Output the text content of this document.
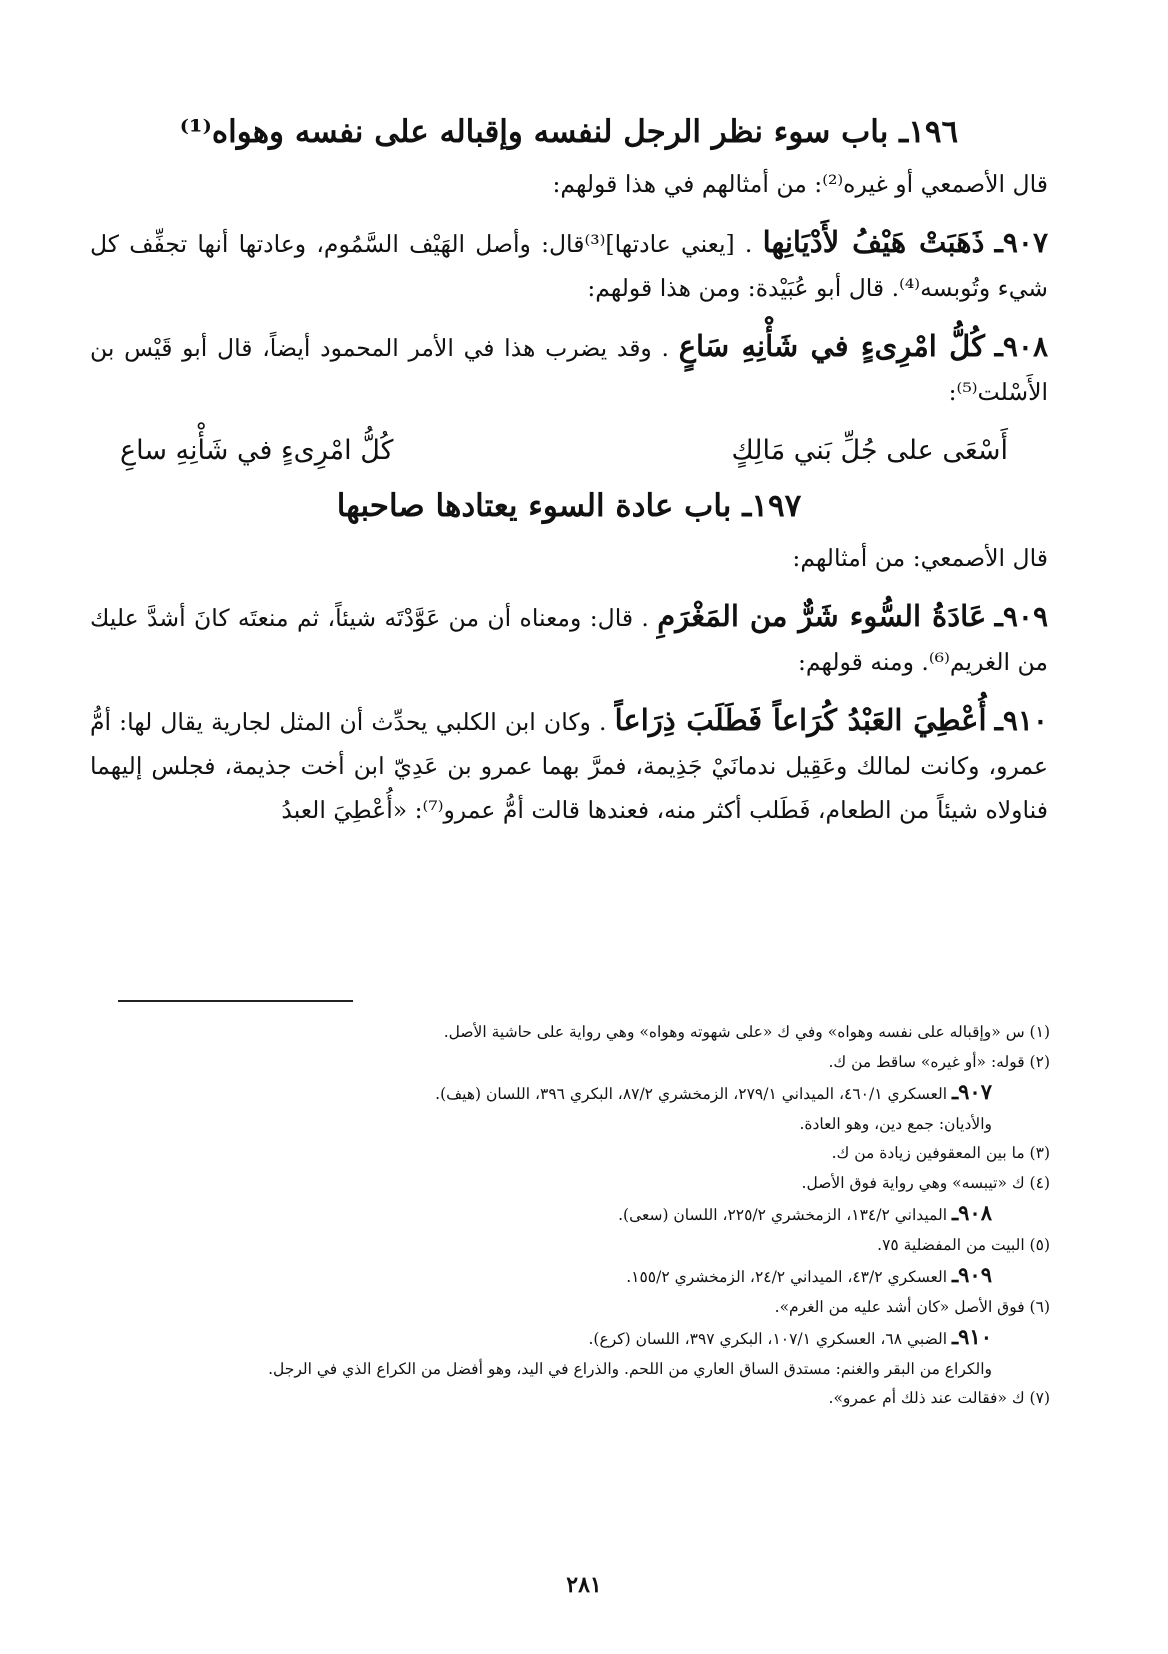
١٩٦ـ باب سوء نظر الرجل لنفسه وإقباله على نفسه وهواه⁽¹⁾

قال الأصمعي أو غيره⁽²⁾: من أمثالهم في هذا قولهم:

٩٠٧ـ ذَهَبَتْ هَيْفُ لأَدْيَانِها . [يعني عادتها]⁽³⁾قال: وأصل الهَيْف السَّمُوم، وعادتها أنها تجفِّف كل شيء وتُوبسه⁽⁴⁾. قال أبو عُبَيْدة: ومن هذا قولهم:

٩٠٨ـ كُلُّ امْرِىءٍ في شَأْنِهِ سَاعٍ . وقد يضرب هذا في الأمر المحمود أيضاً، قال أبو قَيْس بن الأَسْلت⁽⁵⁾:

أَسْعَى على جُلِّ بَني مَالِكٍ
كُلُّ امْرِىءٍ في شَأْنِهِ ساعِ
١٩٧ـ باب عادة السوء يعتادها صاحبها

قال الأصمعي: من أمثالهم:

٩٠٩ـ عَادَةُ السُّوء شَرٌّ من المَغْرَمِ . قال: ومعناه أن من عَوَّدْتَه شيئاً، ثم منعتَه كانَ أشدَّ عليك من الغريم⁽⁶⁾. ومنه قولهم:

٩١٠ـ أُعْطِيَ العَبْدُ كُرَاعاً فَطَلَبَ ذِرَاعاً . وكان ابن الكلبي يحدِّث أن المثل لجارية يقال لها: أمُّ عمرو، وكانت لمالك وعَقِيل ندمانَيْ جَذِيمة، فمرَّ بهما عمرو بن عَدِيّ ابن أخت جذيمة، فجلس إليهما فناولاه شيئاً من الطعام، فَطَلب أكثر منه، فعندها قالت أمُّ عمرو⁽⁷⁾: «أُعْطِيَ العبدُ

(١) س «وإقباله على نفسه وهواه» وفي ك «على شهوته وهواه» وهي رواية على حاشية الأصل.

(٢) قوله: «أو غيره» ساقط من ك.

٩٠٧ـ العسكري ٤٦٠/١، الميداني ٢٧٩/١، الزمخشري ٨٧/٢، البكري ٣٩٦، اللسان (هيف).

والأديان: جمع دين، وهو العادة.

(٣) ما بين المعقوفين زيادة من ك.

(٤) ك «تيبسه» وهي رواية فوق الأصل.

٩٠٨ـ الميداني ١٣٤/٢، الزمخشري ٢٢٥/٢، اللسان (سعى).

(٥) البيت من المفضلية ٧٥.

٩٠٩ـ العسكري ٤٣/٢، الميداني ٢٤/٢، الزمخشري ١٥٥/٢.

(٦) فوق الأصل «كان أشد عليه من الغرم».

٩١٠ـ الضبي ٦٨، العسكري ١٠٧/١، البكري ٣٩٧، اللسان (كرع).

والكراع من البقر والغنم: مستدق الساق العاري من اللحم. والذراع في اليد، وهو أفضل من الكراع الذي في الرجل.

(٧) ك «فقالت عند ذلك أم عمرو».

٢٨١
